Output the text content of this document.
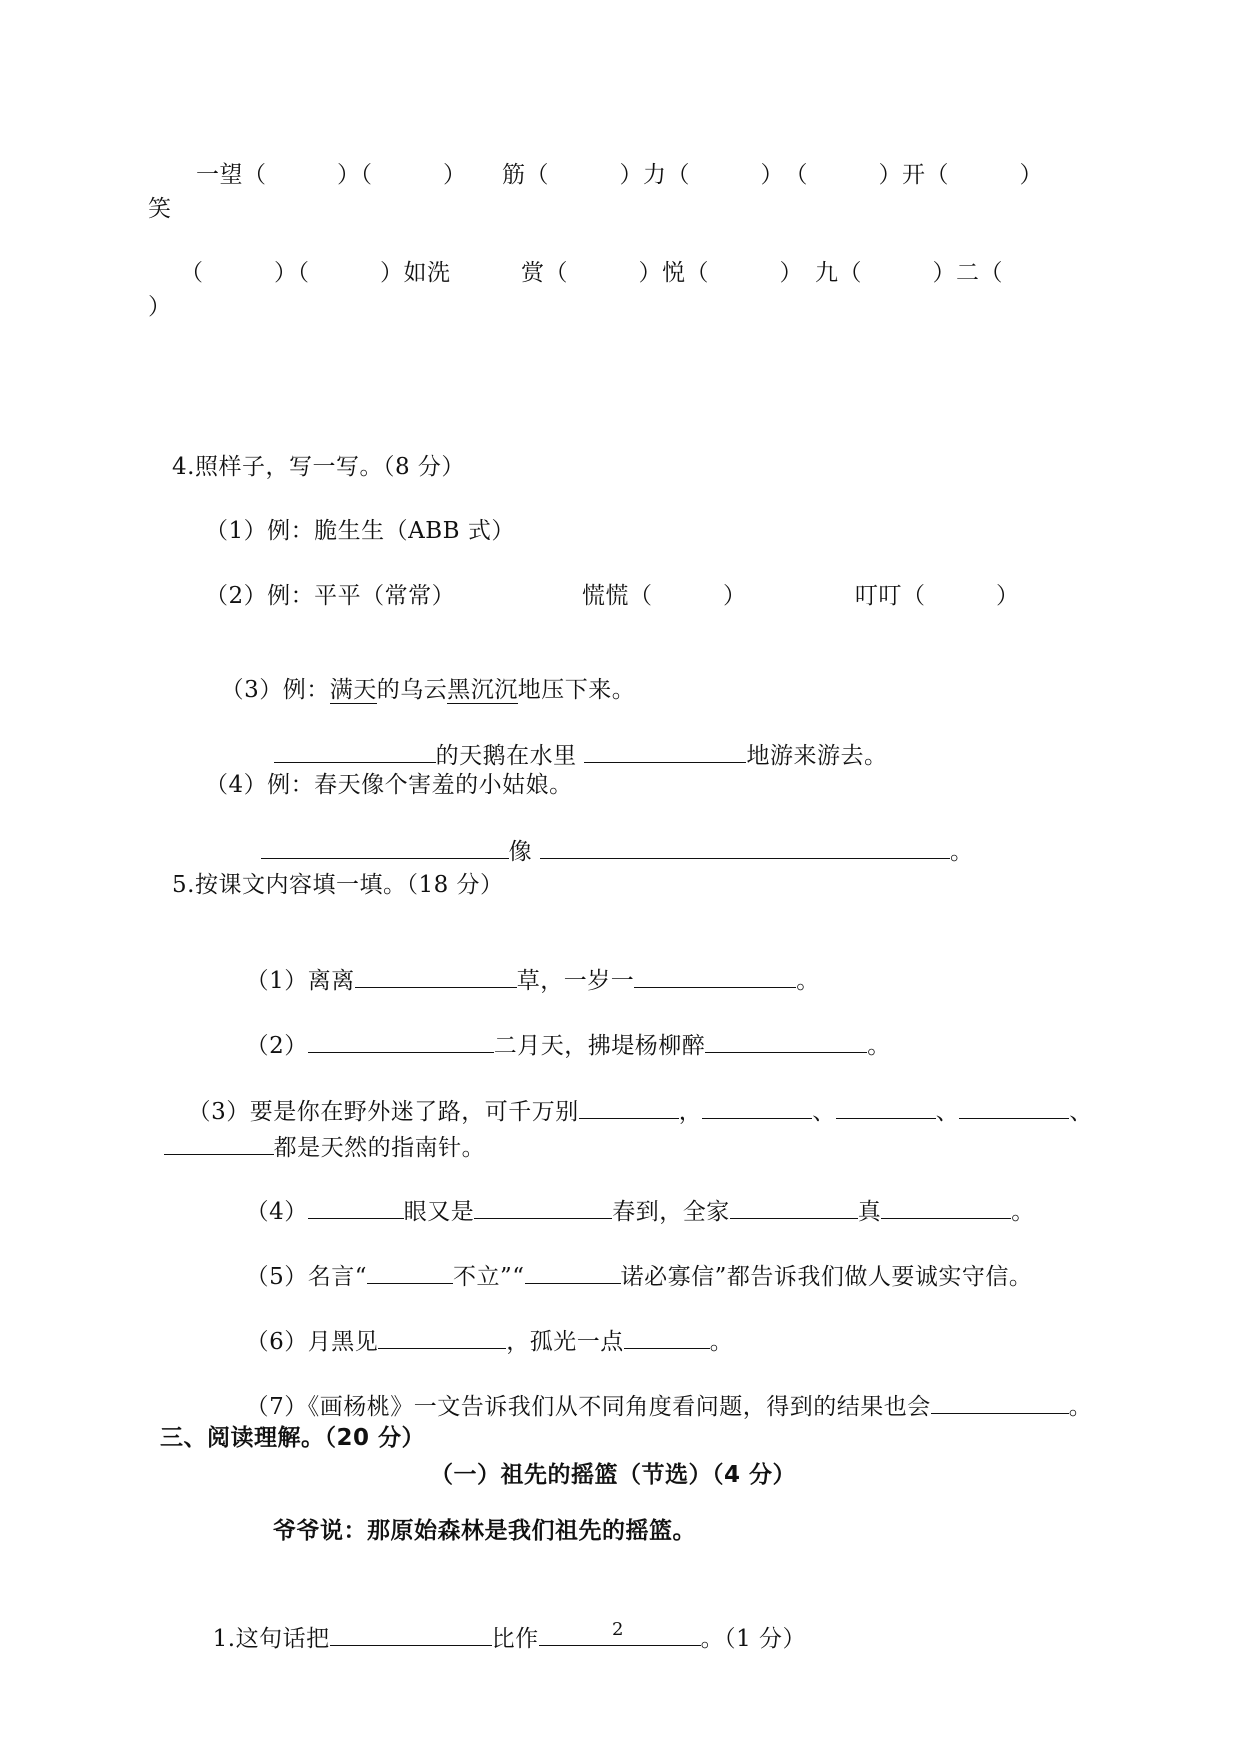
一望（　　　）（　　　）　　筋（　　　）力（　　　）　（　　　）开（　　　）
笑
（　　　）（　　　）如洗　　　赏（　　　）悦（　　　）　九（　　　）二（
）
4.照样子，写一写。（8 分）
（1）例：脆生生（ABB 式）
（2）例：平平（常常）	慌慌（　　　）	叮叮（　　　）

（3）例：满天的乌云黑沉沉地压下来。

的天鹅在水里	地游来游去。

（4）例：春天像个害羞的小姑娘。

像	。

5.按课文内容填一填。（18 分）

（1）离离	草，一岁一	。

（2）	二月天，拂堤杨柳醉	。

（3）要是你在野外迷了路，可千万别	，	、	、	、

都是天然的指南针。

（4）	眼又是	春到，全家	真	。

（5）名言“	不立”“	诺必寡信”都告诉我们做人要诚实守信。

（6）月黑见	，孤光一点	。

（7）《画杨桃》一文告诉我们从不同角度看问题，得到的结果也会	。

三、阅读理解。（20 分）
（一）祖先的摇篮（节选）（4 分）
爷爷说：那原始森林是我们祖先的摇篮。

1.这句话把	比作	。（1 分）

2
